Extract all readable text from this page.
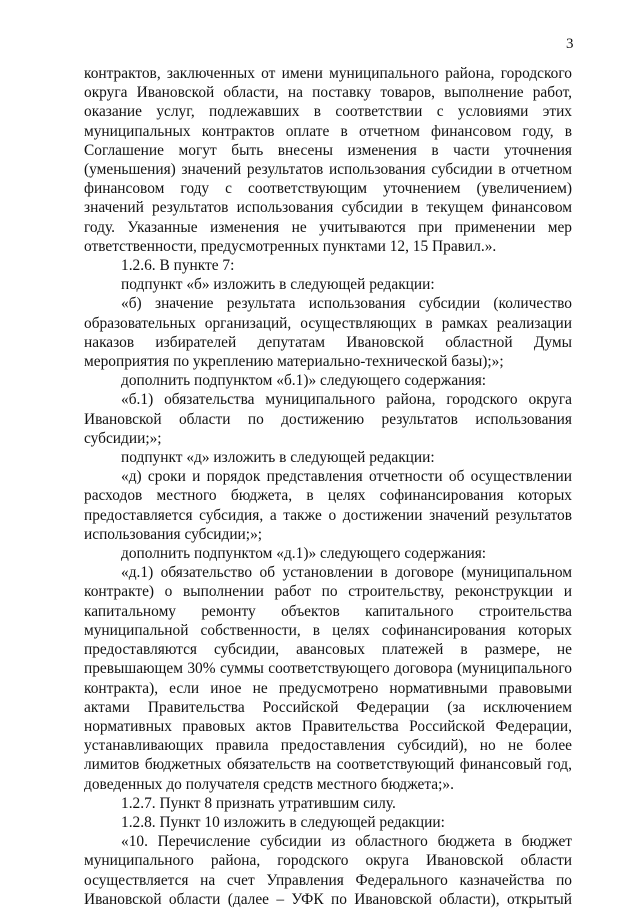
3

контрактов, заключенных от имени муниципального района, городского округа Ивановской области, на поставку товаров, выполнение работ, оказание услуг, подлежавших в соответствии с условиями этих муниципальных контрактов оплате в отчетном финансовом году, в Соглашение могут быть внесены изменения в части уточнения (уменьшения) значений результатов использования субсидии в отчетном финансовом году с соответствующим уточнением (увеличением) значений результатов использования субсидии в текущем финансовом году. Указанные изменения не учитываются при применении мер ответственности, предусмотренных пунктами 12, 15 Правил.».

1.2.6. В пункте 7:

подпункт «б» изложить в следующей редакции:

«б) значение результата использования субсидии (количество образовательных организаций, осуществляющих в рамках реализации наказов избирателей депутатам Ивановской областной Думы мероприятия по укреплению материально-технической базы);»;

дополнить подпунктом «б.1)» следующего содержания:

«б.1) обязательства муниципального района, городского округа Ивановской области по достижению результатов использования субсидии;»;

подпункт «д» изложить в следующей редакции:

«д) сроки и порядок представления отчетности об осуществлении расходов местного бюджета, в целях софинансирования которых предоставляется субсидия, а также о достижении значений результатов использования субсидии;»;

дополнить подпунктом «д.1)» следующего содержания:

«д.1) обязательство об установлении в договоре (муниципальном контракте) о выполнении работ по строительству, реконструкции и капитальному ремонту объектов капитального строительства муниципальной собственности, в целях софинансирования которых предоставляются субсидии, авансовых платежей в размере, не превышающем 30% суммы соответствующего договора (муниципального контракта), если иное не предусмотрено нормативными правовыми актами Правительства Российской Федерации (за исключением нормативных правовых актов Правительства Российской Федерации, устанавливающих правила предоставления субсидий), но не более лимитов бюджетных обязательств на соответствующий финансовый год, доведенных до получателя средств местного бюджета;».

1.2.7. Пункт 8 признать утратившим силу.

1.2.8. Пункт 10 изложить в следующей редакции:

«10. Перечисление субсидии из областного бюджета в бюджет муниципального района, городского округа Ивановской области осуществляется на счет Управления Федерального казначейства по Ивановской области (далее – УФК по Ивановской области), открытый
